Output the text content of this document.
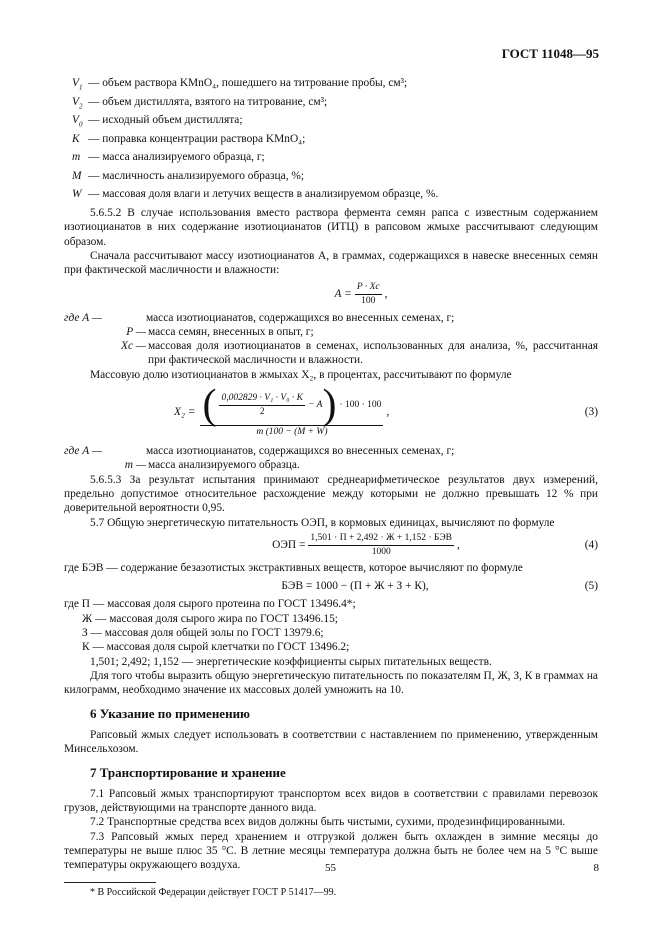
ГОСТ 11048—95
$V_1$ — объем раствора KMnO₄, пошедшего на титрование пробы, см³;
$V_2$ — объем дистиллята, взятого на титрование, см³;
$V_0$ — исходный объем дистиллята;
K — поправка концентрации раствора KMnO₄;
m — масса анализируемого образца, г;
M — масличность анализируемого образца, %;
W — массовая доля влаги и летучих веществ в анализируемом образце, %.

5.6.5.2 В случае использования вместо раствора фермента семян рапса с известным содержанием изотиоцианатов в них содержание изотиоцианатов (ИТЦ) в рапсовом жмыхе рассчитывают следующим образом.

Сначала рассчитывают массу изотиоцианатов A, в граммах, содержащихся в навеске внесенных семян при фактической масличности и влажности:

$A = \frac{P \cdot Xc}{100}$ ,
где A —	масса изотиоцианатов, содержащихся во внесенных семенах, г;
P — масса семян, внесенных в опыт, г;
Xc — массовая доля изотиоцианатов в семенах, использованных для анализа, %, рассчитанная при фактической масличности и влажности.

Массовую долю изотиоцианатов в жмыхах X₂, в процентах, рассчитывают по формуле

X₂ = ( $\frac{\text{0,002829 · V₁ · V₀ · K}}{2} - A$ ) · 100 · 100
m (100 − (M + W)
,	(3)
где A —	масса изотиоцианатов, содержащихся во внесенных семенах, г;
m — масса анализируемого образца.

5.6.5.3 За результат испытания принимают среднеарифметическое результатов двух измерений, предельно допустимое относительное расхождение между которыми не должно превышать 12 % при доверительной вероятности 0,95.

5.7 Общую энергетическую питательность ОЭП, в кормовых единицах, вычисляют по формуле

ОЭП = $\frac{\text{1,501 · П + 2,492 · Ж + 1,152 · БЭВ}}{1000}$ ,	(4)

где БЭВ — содержание безазотистых экстрактивных веществ, которое вычисляют по формуле

БЭВ = 1000 − (П + Ж + З + К),	(5)
где П — массовая доля сырого протеина по ГОСТ 13496.4*;
Ж — массовая доля сырого жира по ГОСТ 13496.15;
З — массовая доля общей золы по ГОСТ 13979.6;
К — массовая доля сырой клетчатки по ГОСТ 13496.2;
1,501; 2,492; 1,152 — энергетические коэффициенты сырых питательных веществ.

Для того чтобы выразить общую энергетическую питательность по показателям П, Ж, З, К в граммах на килограмм, необходимо значение их массовых долей умножить на 10.

6 Указание по применению

Рапсовый жмых следует использовать в соответствии с наставлением по применению, утвержденным Минсельхозом.

7 Транспортирование и хранение

7.1 Рапсовый жмых транспортируют транспортом всех видов в соответствии с правилами перевозок грузов, действующими на транспорте данного вида.

7.2 Транспортные средства всех видов должны быть чистыми, сухими, продезинфицированными.

7.3 Рапсовый жмых перед хранением и отгрузкой должен быть охлажден в зимние месяцы до температуры не выше плюс 35 °С. В летние месяцы температура должна быть не более чем на 5 °С выше температуры окружающего воздуха.

* В Российской Федерации действует ГОСТ Р 51417—99.
55	8
